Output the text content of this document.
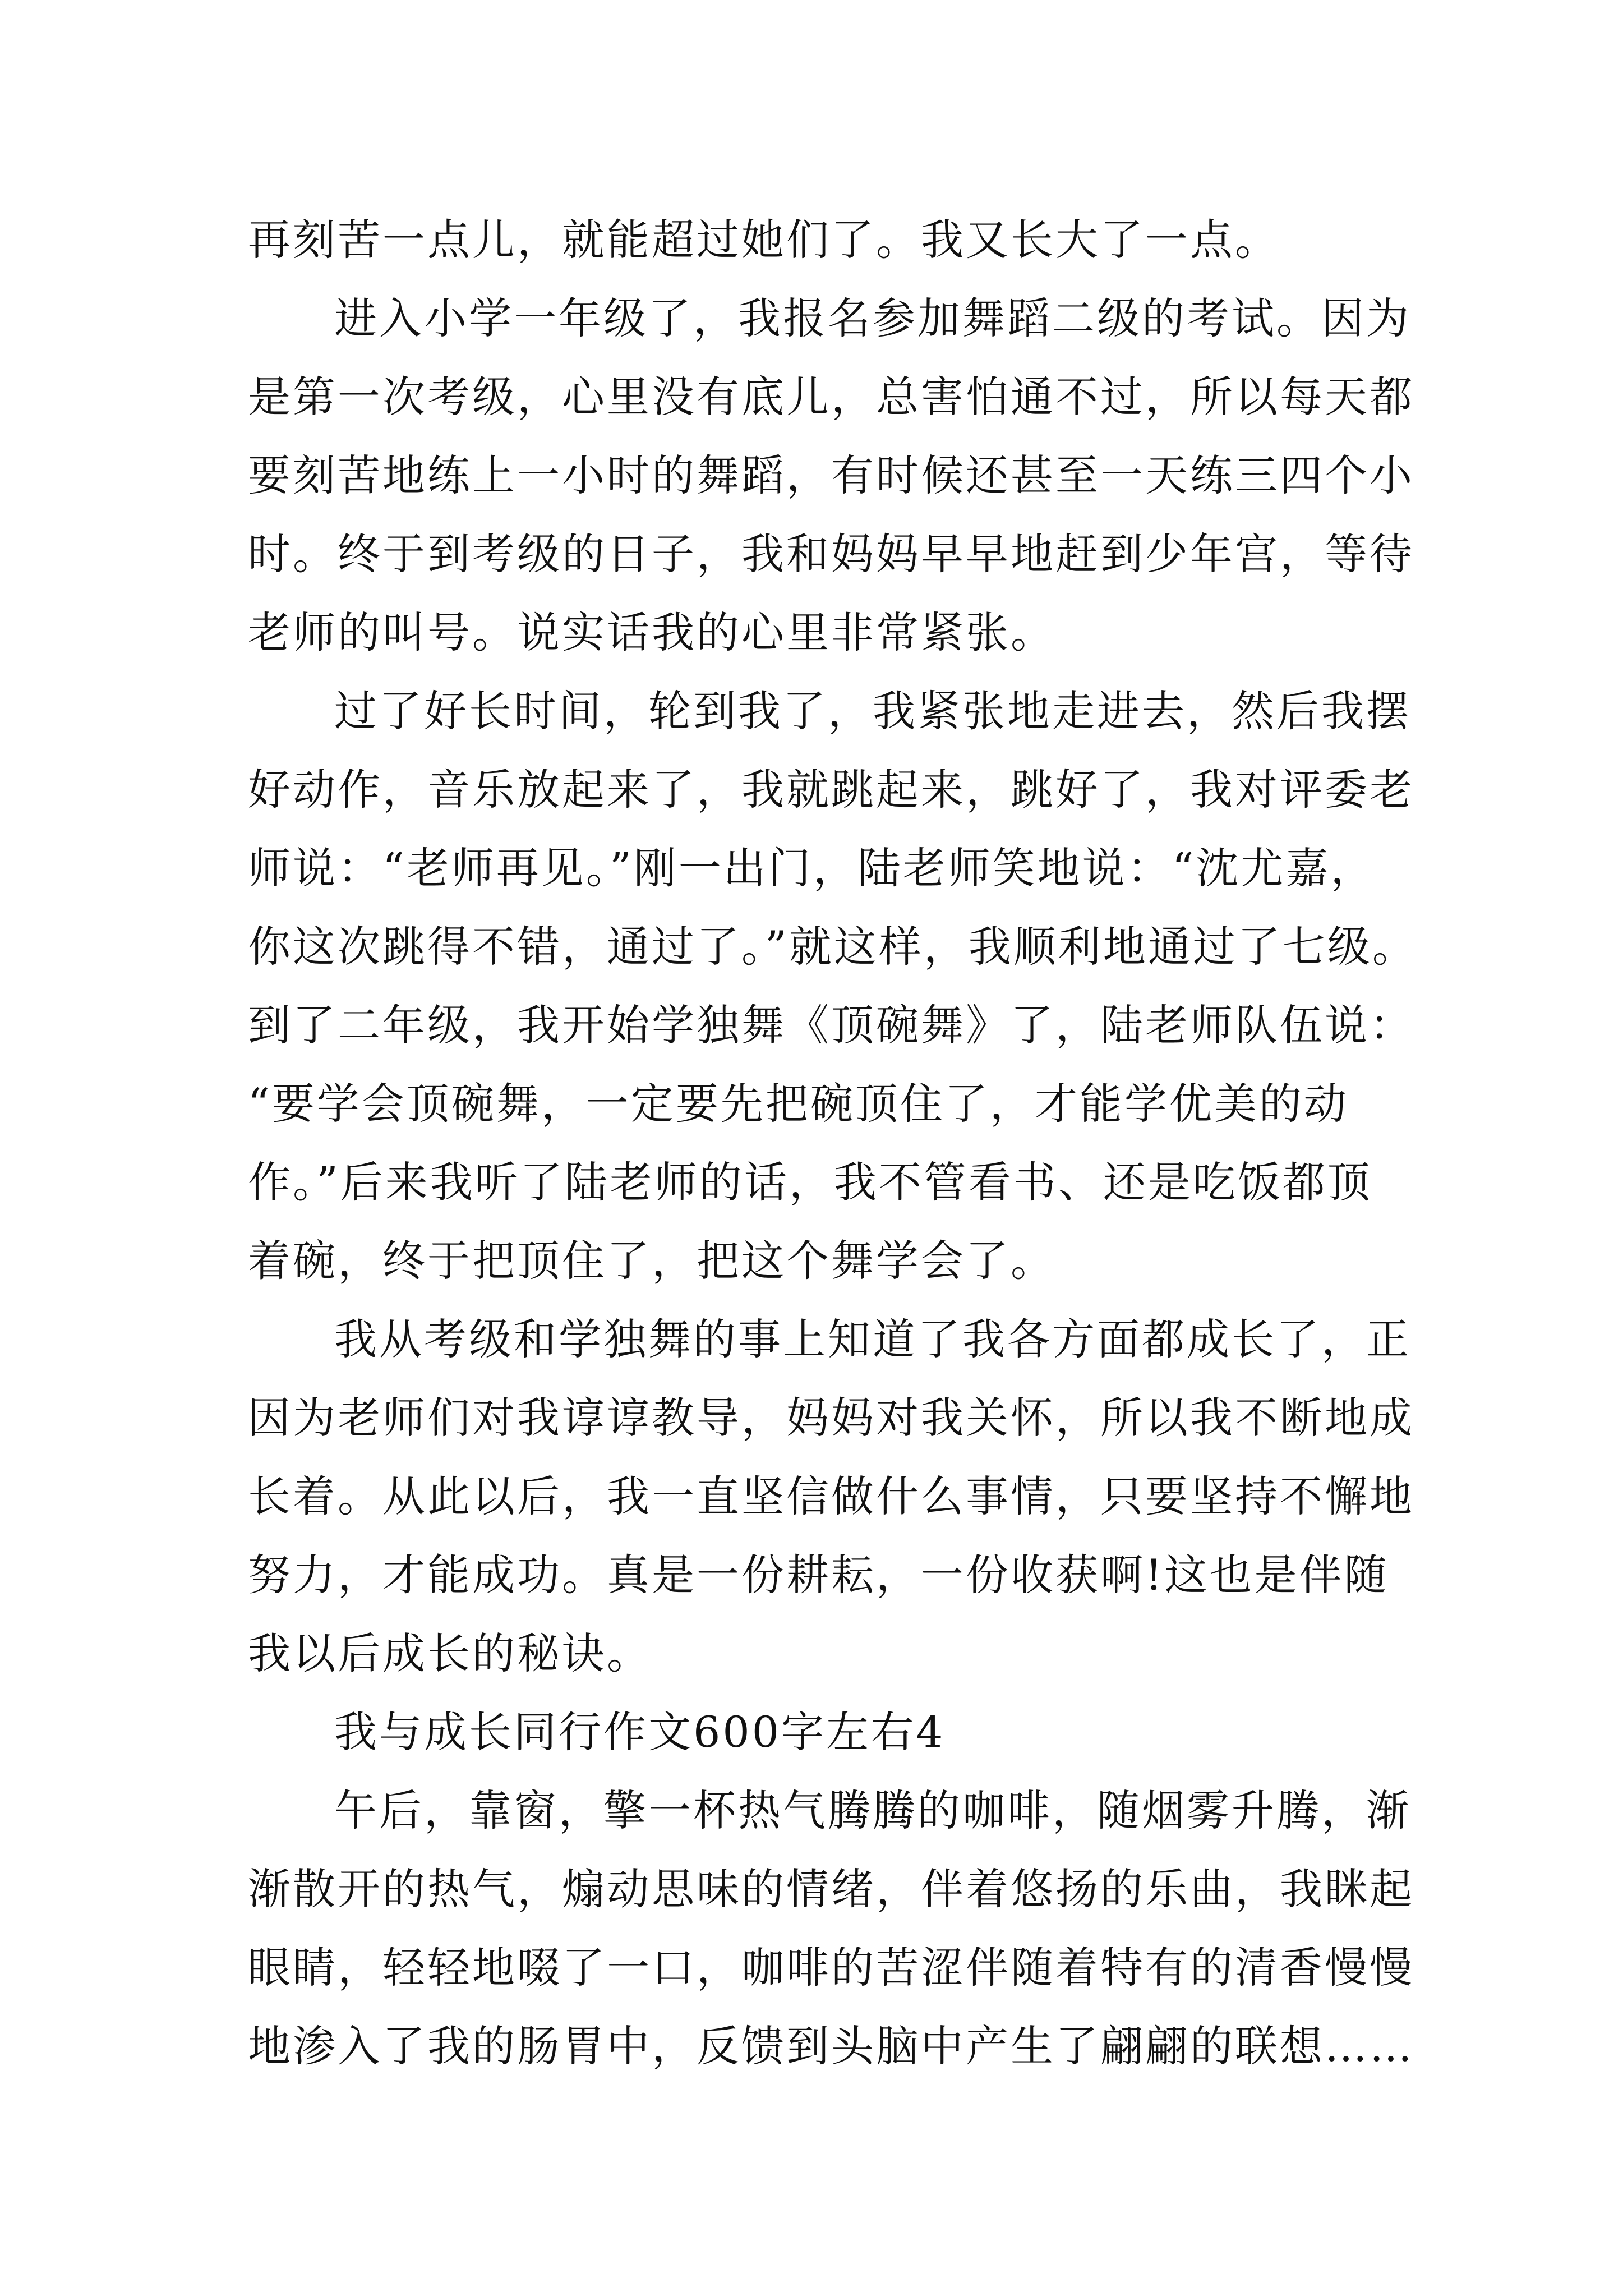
再刻苦一点儿，就能超过她们了。我又长大了一点。
进入小学一年级了，我报名参加舞蹈二级的考试。因为
是第一次考级，心里没有底儿，总害怕通不过，所以每天都
要刻苦地练上一小时的舞蹈，有时候还甚至一天练三四个小
时。终于到考级的日子，我和妈妈早早地赶到少年宫，等待
老师的叫号。说实话我的心里非常紧张。
过了好长时间，轮到我了，我紧张地走进去，然后我摆
好动作，音乐放起来了，我就跳起来，跳好了，我对评委老
师说：“老师再见。”刚一出门，陆老师笑地说：“沈尤嘉，
你这次跳得不错，通过了。”就这样，我顺利地通过了七级。
到了二年级，我开始学独舞《顶碗舞》了，陆老师队伍说：
“要学会顶碗舞，一定要先把碗顶住了，才能学优美的动
作。”后来我听了陆老师的话，我不管看书、还是吃饭都顶
着碗，终于把顶住了，把这个舞学会了。
我从考级和学独舞的事上知道了我各方面都成长了，正
因为老师们对我谆谆教导，妈妈对我关怀，所以我不断地成
长着。从此以后，我一直坚信做什么事情，只要坚持不懈地
努力，才能成功。真是一份耕耘，一份收获啊!这也是伴随
我以后成长的秘诀。
我与成长同行作文600字左右4
午后，靠窗，擎一杯热气腾腾的咖啡，随烟雾升腾，渐
渐散开的热气，煽动思味的情绪，伴着悠扬的乐曲，我眯起
眼睛，轻轻地啜了一口，咖啡的苦涩伴随着特有的清香慢慢
地渗入了我的肠胃中，反馈到头脑中产生了翩翩的联想……
